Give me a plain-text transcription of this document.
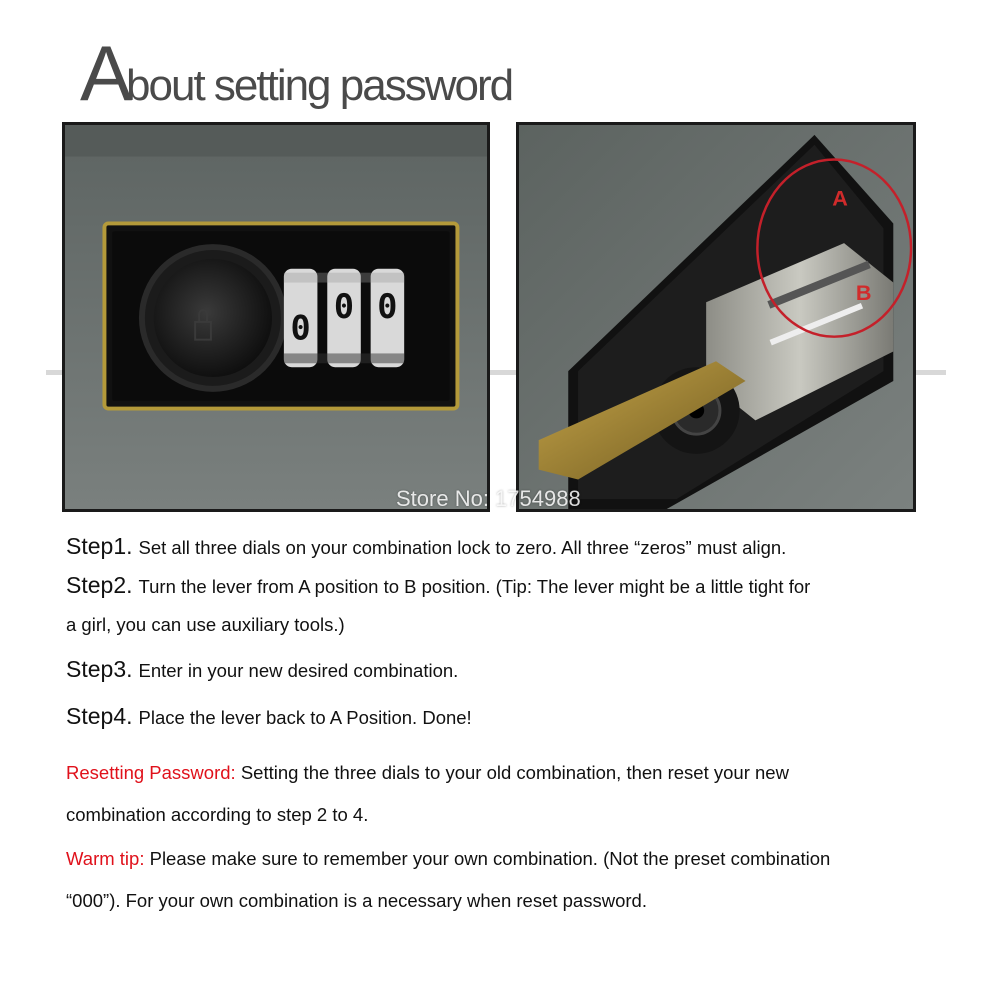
About setting password
0
0 0
A
B
Store No: 1754988
Step1. Set all three dials on your combination lock to zero. All three “zeros” must align.
Step2. Turn the lever from A position to B position. (Tip: The lever might be a little tight for
a girl, you can use auxiliary tools.)
Step3. Enter in your new desired combination.
Step4. Place the lever back to A Position. Done!
Resetting Password: Setting the three dials to your old combination, then reset your new
combination according to step 2 to 4.
Warm tip: Please make sure to remember your own combination. (Not the preset combination
“000”). For your own combination is a necessary when reset password.
